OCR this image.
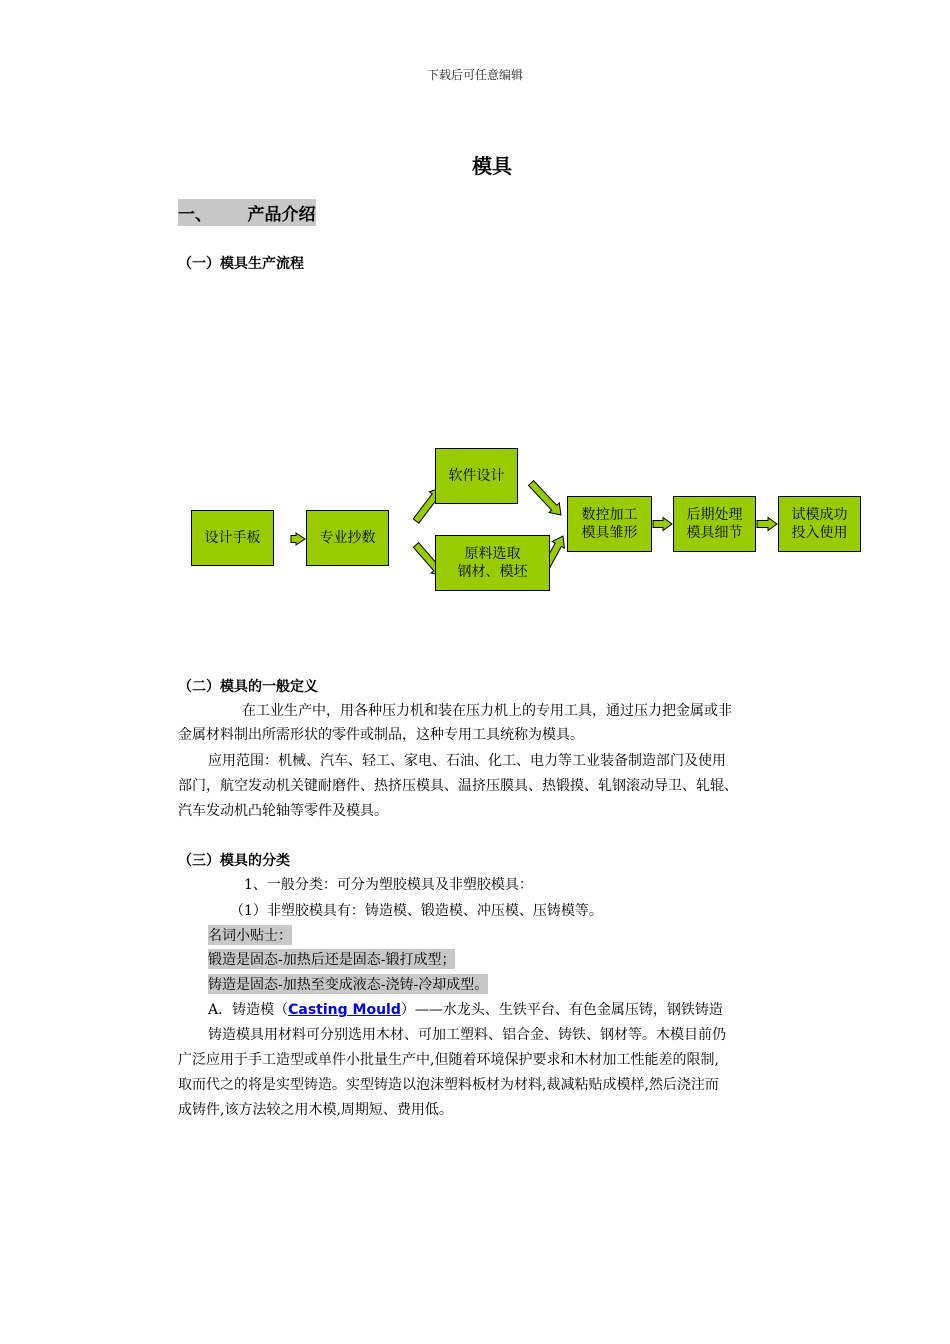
下载后可任意编辑
模具
一、 产品介绍
（一）模具生产流程
设计手板	专业抄数
软件设计
原料选取
钢材、模坯
数控加工
模具雏形
后期处理
模具细节
试模成功
投入使用
（二）模具的一般定义
在工业生产中，用各种压力机和装在压力机上的专用工具，通过压力把金属或非
金属材料制出所需形状的零件或制品，这种专用工具统称为模具。
应用范围：机械、汽车、轻工、家电、石油、化工、电力等工业装备制造部门及使用
部门，航空发动机关键耐磨件、热挤压模具、温挤压膜具、热锻摸、轧钢滚动导卫、轧辊、
汽车发动机凸轮轴等零件及模具。
（三）模具的分类
1、一般分类：可分为塑胶模具及非塑胶模具：
（1）非塑胶模具有：铸造模、锻造模、冲压模、压铸模等。
名词小贴士：
锻造是固态-加热后还是固态-锻打成型；
铸造是固态-加热至变成液态-浇铸-冷却成型。
A．铸造模（Casting Mould）——水龙头、生铁平台、有色金属压铸，钢铁铸造
铸造模具用材料可分别选用木材、可加工塑料、铝合金、铸铁、钢材等。木模目前仍
广泛应用于手工造型或单件小批量生产中,但随着环境保护要求和木材加工性能差的限制,
取而代之的将是实型铸造。实型铸造以泡沫塑料板材为材料,裁减粘贴成模样,然后浇注而
成铸件,该方法较之用木模,周期短、费用低。
